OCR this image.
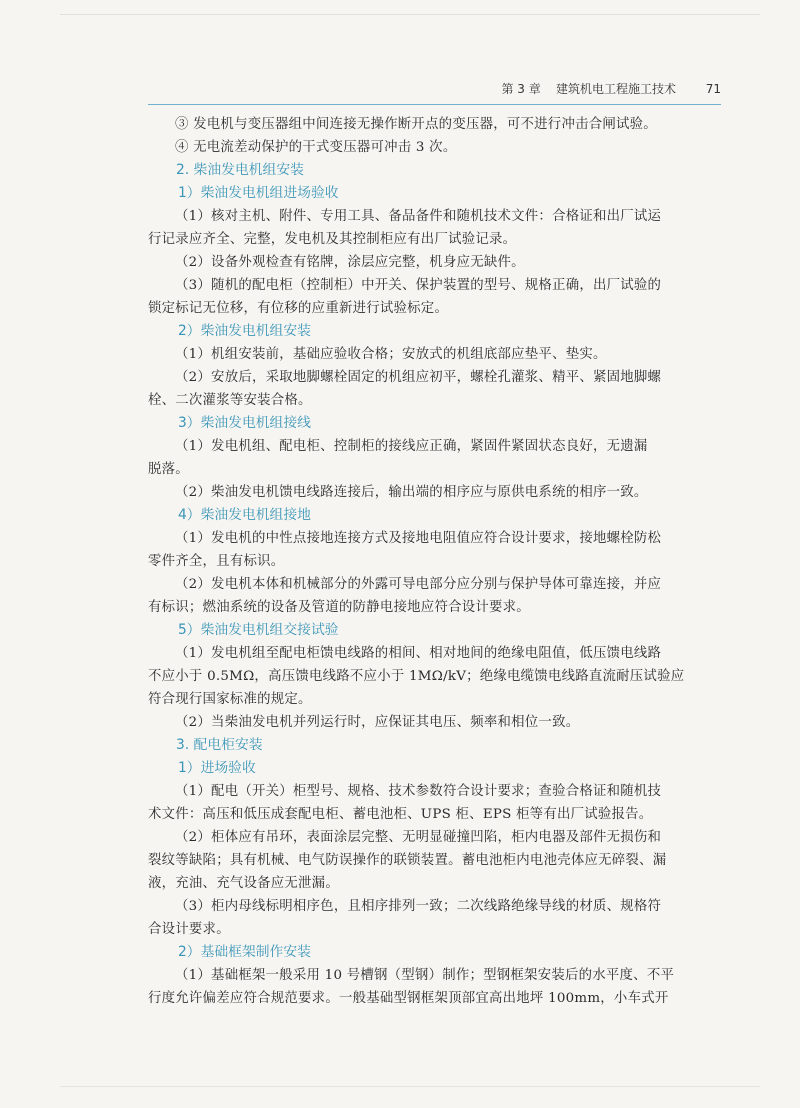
第 3 章 建筑机电工程施工技术 71
③ 发电机与变压器组中间连接无操作断开点的变压器，可不进行冲击合闸试验。
④ 无电流差动保护的干式变压器可冲击 3 次。
2. 柴油发电机组安装
1）柴油发电机组进场验收
（1）核对主机、附件、专用工具、备品备件和随机技术文件：合格证和出厂试运
行记录应齐全、完整，发电机及其控制柜应有出厂试验记录。
（2）设备外观检查有铭牌，涂层应完整，机身应无缺件。
（3）随机的配电柜（控制柜）中开关、保护装置的型号、规格正确，出厂试验的
锁定标记无位移，有位移的应重新进行试验标定。
2）柴油发电机组安装
（1）机组安装前，基础应验收合格；安放式的机组底部应垫平、垫实。
（2）安放后，采取地脚螺栓固定的机组应初平，螺栓孔灌浆、精平、紧固地脚螺
栓、二次灌浆等安装合格。
3）柴油发电机组接线
（1）发电机组、配电柜、控制柜的接线应正确，紧固件紧固状态良好，无遗漏
脱落。
（2）柴油发电机馈电线路连接后，输出端的相序应与原供电系统的相序一致。
4）柴油发电机组接地
（1）发电机的中性点接地连接方式及接地电阻值应符合设计要求，接地螺栓防松
零件齐全，且有标识。
（2）发电机本体和机械部分的外露可导电部分应分别与保护导体可靠连接，并应
有标识；燃油系统的设备及管道的防静电接地应符合设计要求。
5）柴油发电机组交接试验
（1）发电机组至配电柜馈电线路的相间、相对地间的绝缘电阻值，低压馈电线路
不应小于 0.5MΩ，高压馈电线路不应小于 1MΩ/kV；绝缘电缆馈电线路直流耐压试验应
符合现行国家标准的规定。
（2）当柴油发电机并列运行时，应保证其电压、频率和相位一致。
3. 配电柜安装
1）进场验收
（1）配电（开关）柜型号、规格、技术参数符合设计要求；查验合格证和随机技
术文件：高压和低压成套配电柜、蓄电池柜、UPS 柜、EPS 柜等有出厂试验报告。
（2）柜体应有吊环，表面涂层完整、无明显碰撞凹陷，柜内电器及部件无损伤和
裂纹等缺陷；具有机械、电气防误操作的联锁装置。蓄电池柜内电池壳体应无碎裂、漏
液，充油、充气设备应无泄漏。
（3）柜内母线标明相序色，且相序排列一致；二次线路绝缘导线的材质、规格符
合设计要求。
2）基础框架制作安装
（1）基础框架一般采用 10 号槽钢（型钢）制作；型钢框架安装后的水平度、不平
行度允许偏差应符合规范要求。一般基础型钢框架顶部宜高出地坪 100mm，小车式开
